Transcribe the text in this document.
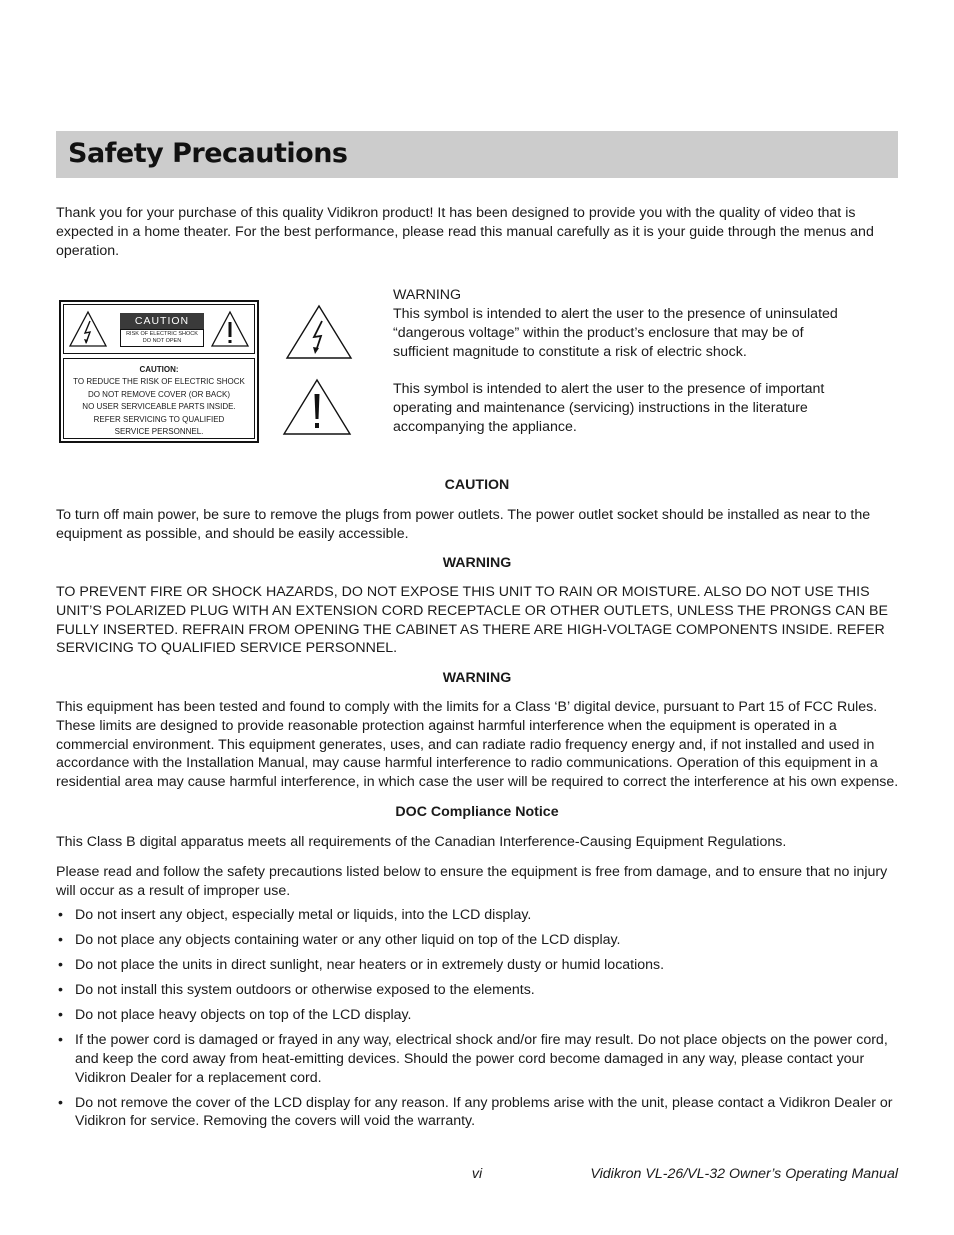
Safety Precautions

Thank you for your purchase of this quality Vidikron product! It has been designed to provide you with the quality of video that is expected in a home theater. For the best performance, please read this manual carefully as it is your guide through the menus and operation.

CAUTION
RISK OF ELECTRIC SHOCK
DO NOT OPEN
CAUTION:
TO REDUCE THE RISK OF ELECTRIC SHOCK
DO NOT REMOVE COVER (OR BACK)
NO USER SERVICEABLE PARTS INSIDE.
REFER SERVICING TO QUALIFIED
SERVICE PERSONNEL.

WARNING

This symbol is intended to alert the user to the presence of uninsulated “dangerous voltage” within the product’s enclosure that may be of sufficient magnitude to constitute a risk of electric shock.

This symbol is intended to alert the user to the presence of important operating and maintenance (servicing) instructions in the literature accompanying the appliance.

CAUTION

To turn off main power, be sure to remove the plugs from power outlets. The power outlet socket should be installed as near to the equipment as possible, and should be easily accessible.

WARNING

TO PREVENT FIRE OR SHOCK HAZARDS, DO NOT EXPOSE THIS UNIT TO RAIN OR MOISTURE. ALSO DO NOT USE THIS UNIT’S POLARIZED PLUG WITH AN EXTENSION CORD RECEPTACLE OR OTHER OUTLETS, UNLESS THE PRONGS CAN BE FULLY INSERTED. REFRAIN FROM OPENING THE CABINET AS THERE ARE HIGH-VOLTAGE COMPONENTS INSIDE. REFER SERVICING TO QUALIFIED SERVICE PERSONNEL.

WARNING

This equipment has been tested and found to comply with the limits for a Class ‘B’ digital device, pursuant to Part 15 of FCC Rules. These limits are designed to provide reasonable protection against harmful interference when the equipment is operated in a commercial environment. This equipment generates, uses, and can radiate radio frequency energy and, if not installed and used in accordance with the Installation Manual, may cause harmful interference to radio communications. Operation of this equipment in a residential area may cause harmful interference, in which case the user will be required to correct the interference at his own expense.

DOC Compliance Notice

This Class B digital apparatus meets all requirements of the Canadian Interference-Causing Equipment Regulations.

Please read and follow the safety precautions listed below to ensure the equipment is free from damage, and to ensure that no injury will occur as a result of improper use.

• Do not insert any object, especially metal or liquids, into the LCD display.
• Do not place any objects containing water or any other liquid on top of the LCD display.
• Do not place the units in direct sunlight, near heaters or in extremely dusty or humid locations.
• Do not install this system outdoors or otherwise exposed to the elements.
• Do not place heavy objects on top of the LCD display.
• If the power cord is damaged or frayed in any way, electrical shock and/or fire may result. Do not place objects on the power cord, and keep the cord away from heat-emitting devices. Should the power cord become damaged in any way, please contact your Vidikron Dealer for a replacement cord.
• Do not remove the cover of the LCD display for any reason. If any problems arise with the unit, please contact a Vidikron Dealer or Vidikron for service. Removing the covers will void the warranty.
vi	Vidikron VL-26/VL-32 Owner’s Operating Manual
